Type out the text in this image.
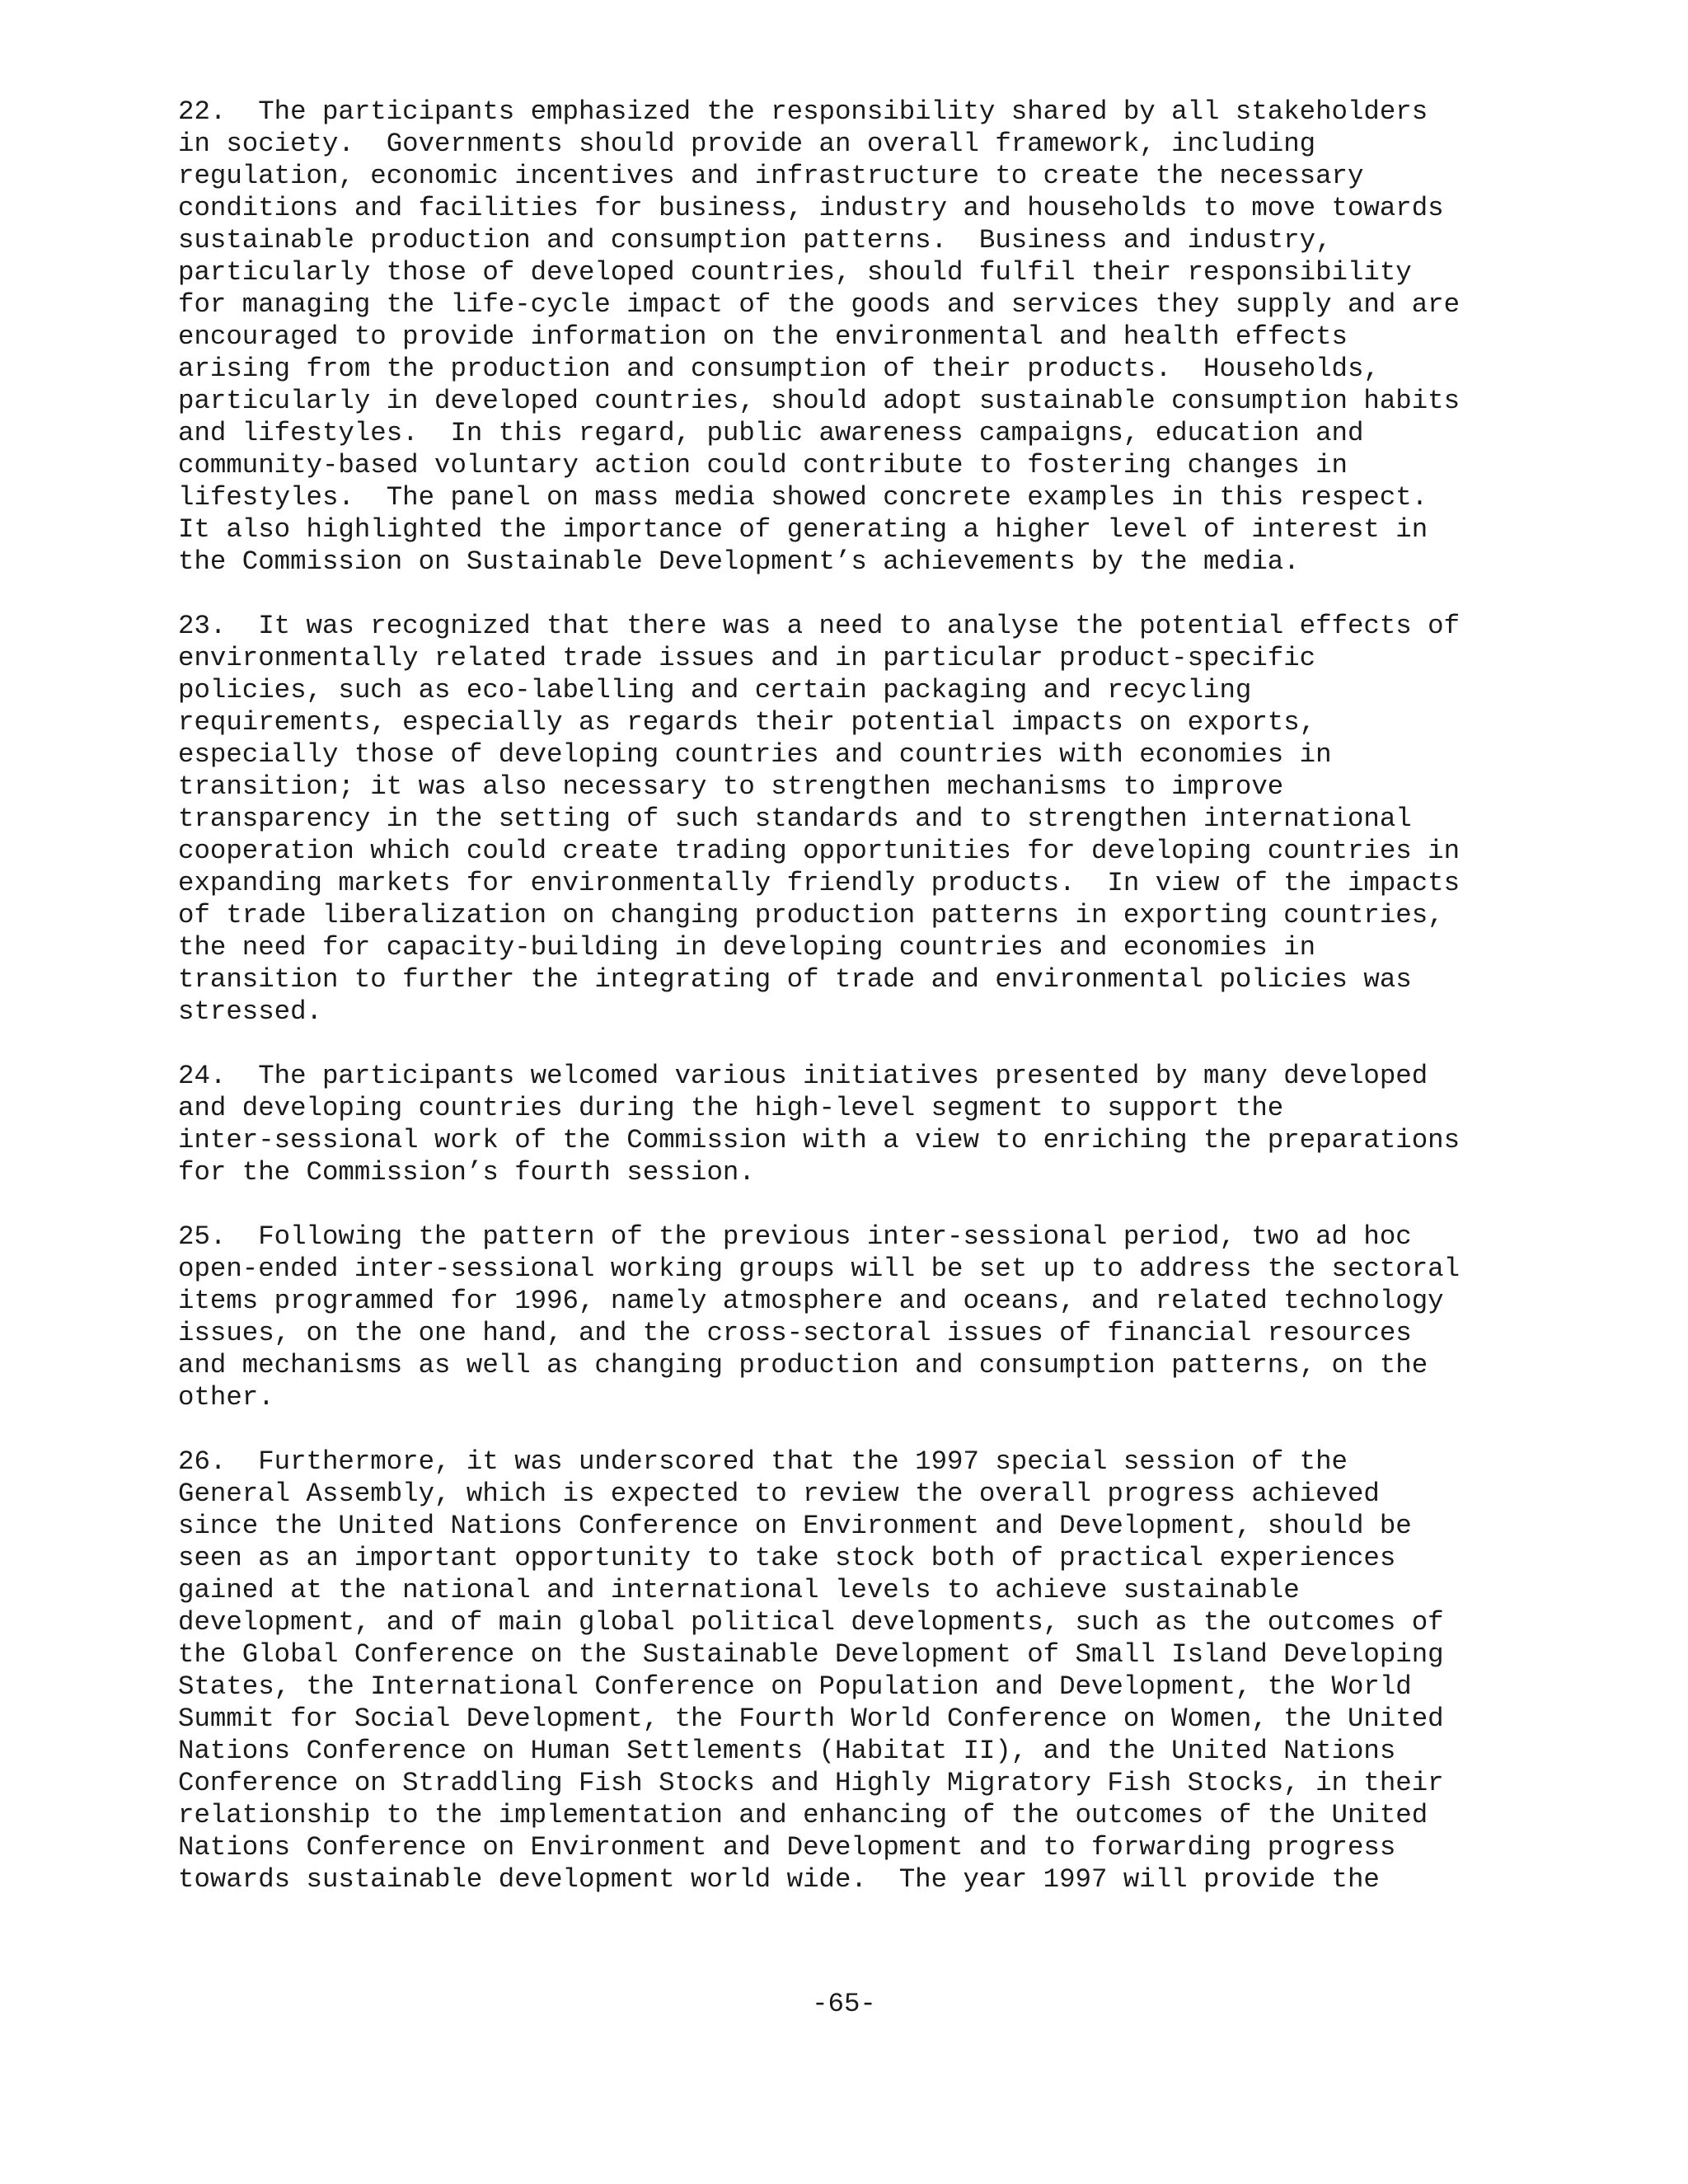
22.  The participants emphasized the responsibility shared by all stakeholders
in society.  Governments should provide an overall framework, including
regulation, economic incentives and infrastructure to create the necessary
conditions and facilities for business, industry and households to move towards
sustainable production and consumption patterns.  Business and industry,
particularly those of developed countries, should fulfil their responsibility
for managing the life-cycle impact of the goods and services they supply and are
encouraged to provide information on the environmental and health effects
arising from the production and consumption of their products.  Households,
particularly in developed countries, should adopt sustainable consumption habits
and lifestyles.  In this regard, public awareness campaigns, education and
community-based voluntary action could contribute to fostering changes in
lifestyles.  The panel on mass media showed concrete examples in this respect.
It also highlighted the importance of generating a higher level of interest in
the Commission on Sustainable Development’s achievements by the media.

23.  It was recognized that there was a need to analyse the potential effects of
environmentally related trade issues and in particular product-specific
policies, such as eco-labelling and certain packaging and recycling
requirements, especially as regards their potential impacts on exports,
especially those of developing countries and countries with economies in
transition; it was also necessary to strengthen mechanisms to improve
transparency in the setting of such standards and to strengthen international
cooperation which could create trading opportunities for developing countries in
expanding markets for environmentally friendly products.  In view of the impacts
of trade liberalization on changing production patterns in exporting countries,
the need for capacity-building in developing countries and economies in
transition to further the integrating of trade and environmental policies was
stressed.

24.  The participants welcomed various initiatives presented by many developed
and developing countries during the high-level segment to support the
inter-sessional work of the Commission with a view to enriching the preparations
for the Commission’s fourth session.

25.  Following the pattern of the previous inter-sessional period, two ad hoc
open-ended inter-sessional working groups will be set up to address the sectoral
items programmed for 1996, namely atmosphere and oceans, and related technology
issues, on the one hand, and the cross-sectoral issues of financial resources
and mechanisms as well as changing production and consumption patterns, on the
other.

26.  Furthermore, it was underscored that the 1997 special session of the
General Assembly, which is expected to review the overall progress achieved
since the United Nations Conference on Environment and Development, should be
seen as an important opportunity to take stock both of practical experiences
gained at the national and international levels to achieve sustainable
development, and of main global political developments, such as the outcomes of
the Global Conference on the Sustainable Development of Small Island Developing
States, the International Conference on Population and Development, the World
Summit for Social Development, the Fourth World Conference on Women, the United
Nations Conference on Human Settlements (Habitat II), and the United Nations
Conference on Straddling Fish Stocks and Highly Migratory Fish Stocks, in their
relationship to the implementation and enhancing of the outcomes of the United
Nations Conference on Environment and Development and to forwarding progress
towards sustainable development world wide.  The year 1997 will provide the

-65-
